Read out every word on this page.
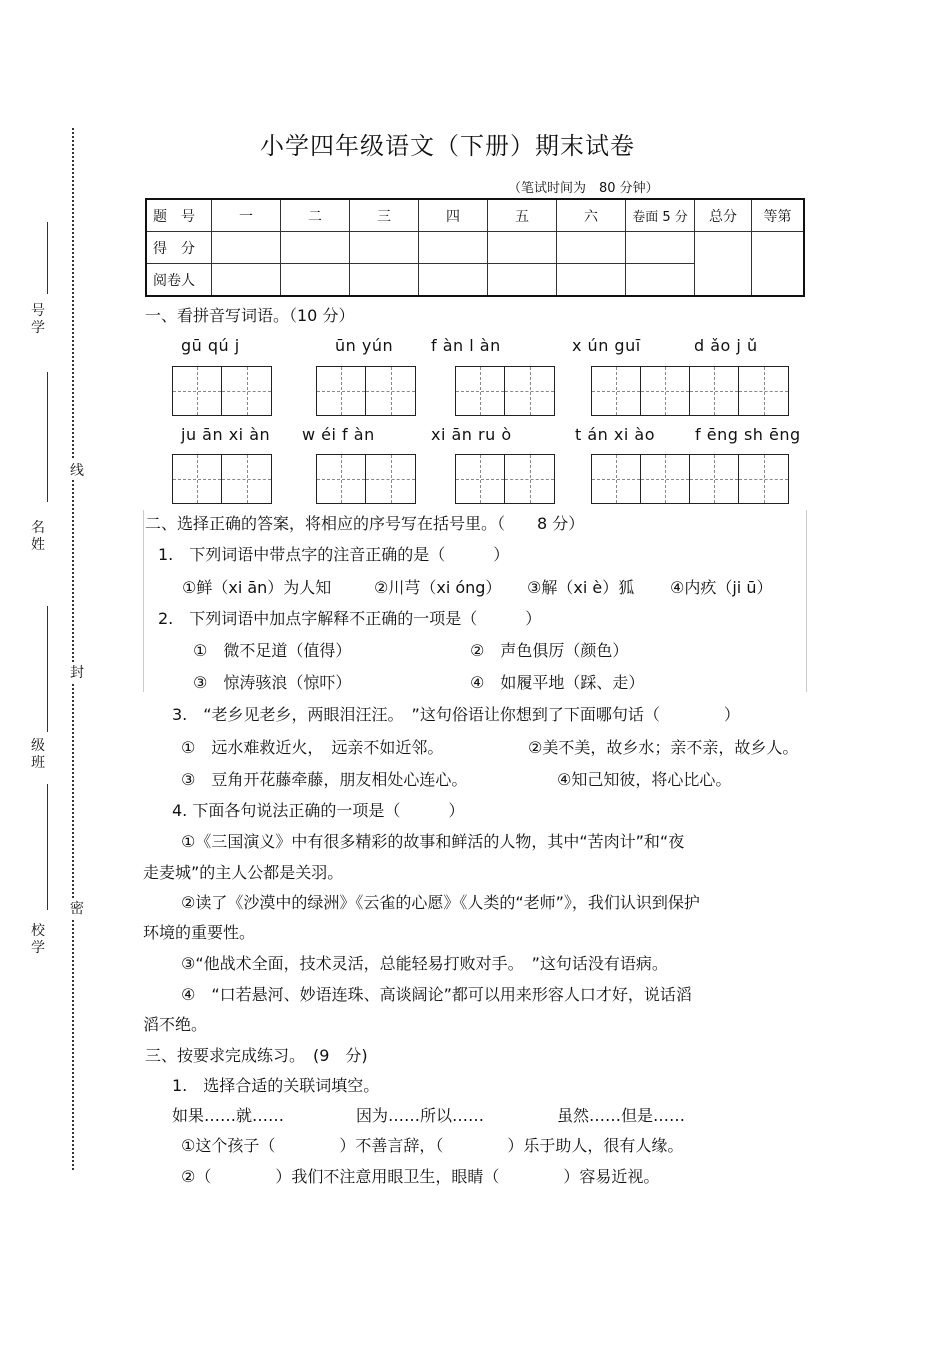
号学
名姓
级班
校学
线
封
密
小学四年级语文（下册）期末试卷
（笔试时间为　80 分钟）
题　号	一	二	三	四	五	六	卷面 5 分	总分	等第
得　分									
阅卷人									
一、看拼音写词语。（10 分）
gū qú j	ūn yún f àn l àn	x ún guī	d ǎo j ǔ
ju ān xi àn w éi f àn	xi ān ru ò	t án xi ào	f ēng sh ēng
二、选择正确的答案，将相应的序号写在括号里。（　　8 分）
1.　下列词语中带点字的注音正确的是（　　　）
①鲜（xi ān）为人知	②川芎（xi óng） ③解（xi è）狐 ④内疚（ji ū）
2.　下列词语中加点字解释不正确的一项是（　　　）
①　微不足道（值得）	②　声色俱厉（颜色）
③　惊涛骇浪（惊吓）	④　如履平地（踩、走）
3.　“老乡见老乡，两眼泪汪汪。　”这句俗语让你想到了下面哪句话（　　　　）
①　远水难救近火，　远亲不如近邻。	②美不美，故乡水；亲不亲，故乡人。
③　豆角开花藤牵藤，朋友相处心连心。	④知己知彼，将心比心。
4. 下面各句说法正确的一项是（　　　）
①《三国演义》中有很多精彩的故事和鲜活的人物，其中“苦肉计”和“夜
走麦城”的主人公都是关羽。
②读了《沙漠中的绿洲》《云雀的心愿》《人类的“老师”》，我们认识到保护
环境的重要性。
③“他战术全面，技术灵活，总能轻易打败对手。　”这句话没有语病。
④　“口若悬河、妙语连珠、高谈阔论”都可以用来形容人口才好，说话滔
滔不绝。
三、按要求完成练习。　(9　分)
1.　选择合适的关联词填空。
如果……就……	因为……所以……	虽然……但是……
①这个孩子（　　　　）不善言辞，（　　　　）乐于助人，很有人缘。
②（　　　　）我们不注意用眼卫生，眼睛（　　　　）容易近视。
